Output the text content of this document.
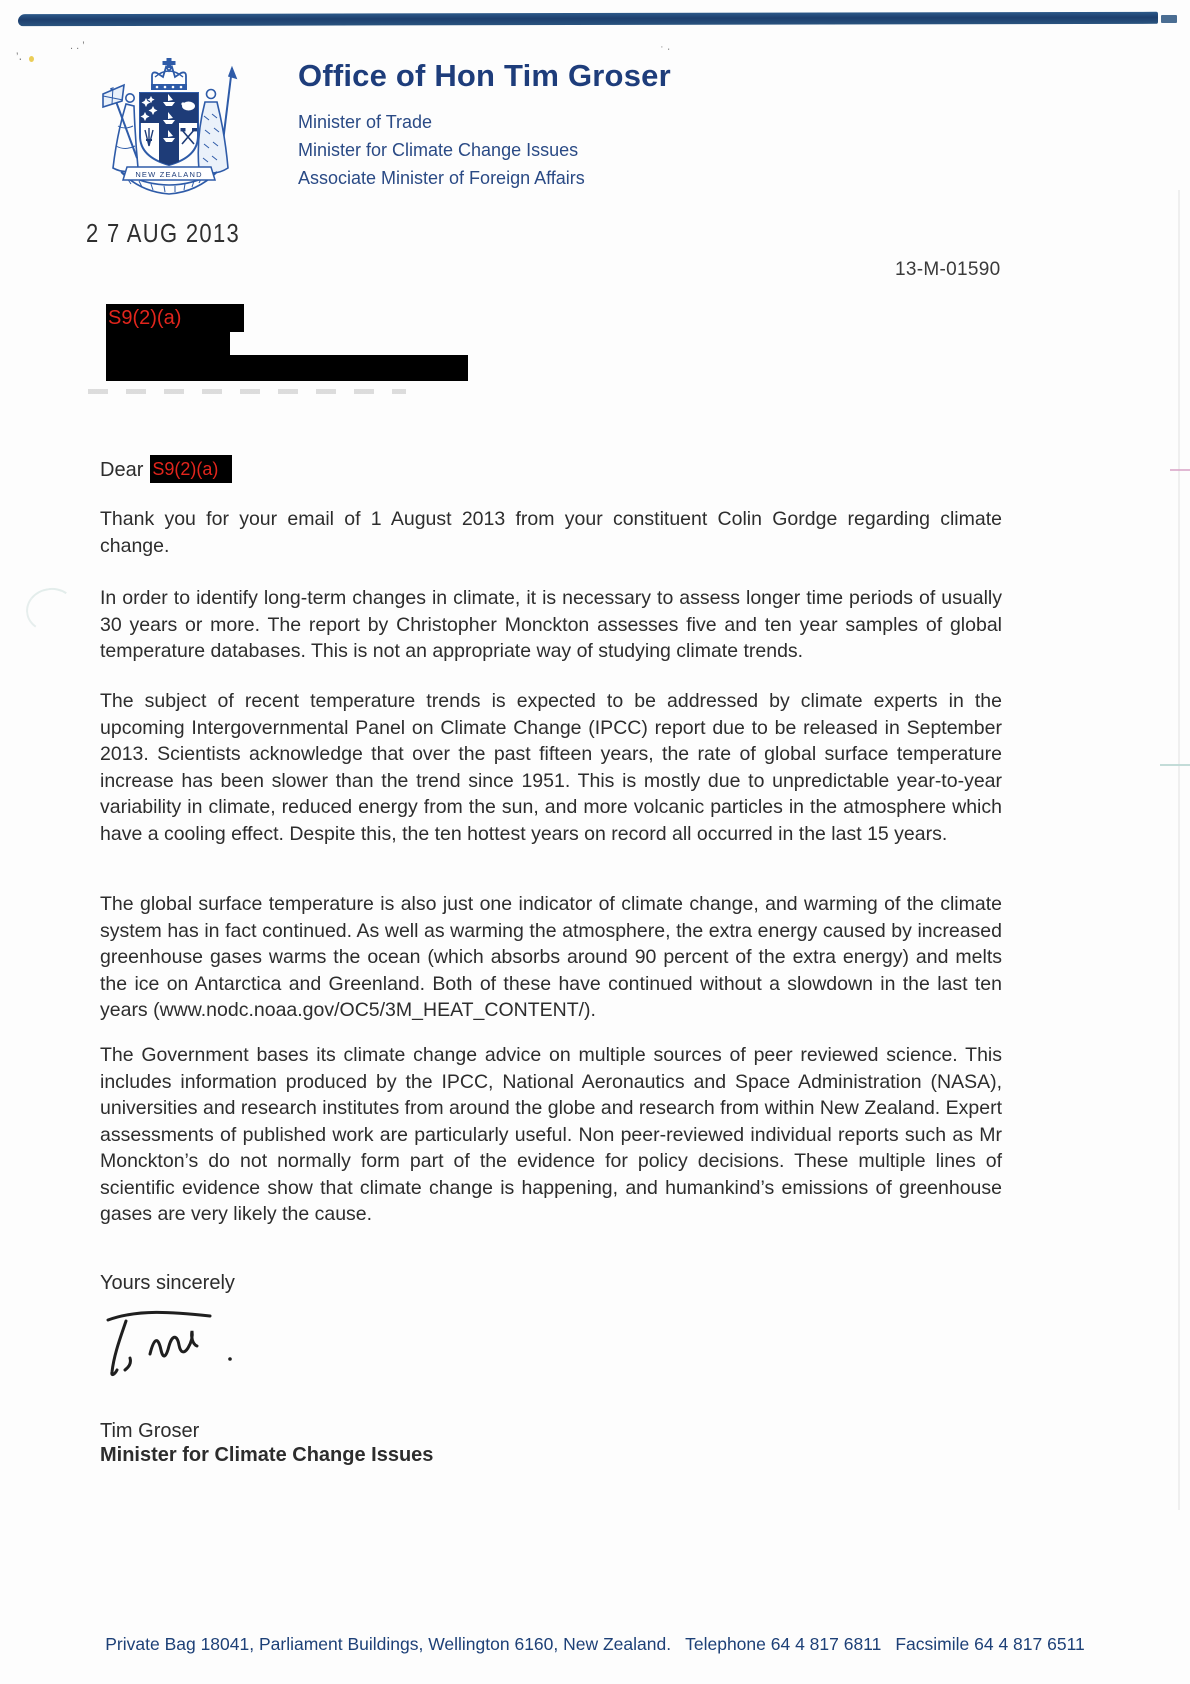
’․
. . ’	· ․
NEW ZEALAND
Office of Hon Tim Groser
Minister of Trade
Minister for Climate Change Issues
Associate Minister of Foreign Affairs
2 7 AUG 2013
13-M-01590
S9(2)(a)
Dear S9(2)(a)

Thank you for your email of 1 August 2013 from your constituent Colin Gordge regarding climate change.

In order to identify long-term changes in climate, it is necessary to assess longer time periods of usually 30 years or more. The report by Christopher Monckton assesses five and ten year samples of global temperature databases. This is not an appropriate way of studying climate trends.

The subject of recent temperature trends is expected to be addressed by climate experts in the upcoming Intergovernmental Panel on Climate Change (IPCC) report due to be released in September 2013. Scientists acknowledge that over the past fifteen years, the rate of global surface temperature increase has been slower than the trend since 1951. This is mostly due to unpredictable year-to-year variability in climate, reduced energy from the sun, and more volcanic particles in the atmosphere which have a cooling effect. Despite this, the ten hottest years on record all occurred in the last 15 years.

The global surface temperature is also just one indicator of climate change, and warming of the climate system has in fact continued. As well as warming the atmosphere, the extra energy caused by increased greenhouse gases warms the ocean (which absorbs around 90 percent of the extra energy) and melts the ice on Antarctica and Greenland. Both of these have continued without a slowdown in the last ten years (www.nodc.noaa.gov/OC5/3M_HEAT_CONTENT/).

The Government bases its climate change advice on multiple sources of peer reviewed science. This includes information produced by the IPCC, National Aeronautics and Space Administration (NASA), universities and research institutes from around the globe and research from within New Zealand. Expert assessments of published work are particularly useful. Non peer-reviewed individual reports such as Mr Monckton’s do not normally form part of the evidence for policy decisions. These multiple lines of scientific evidence show that climate change is happening, and humankind’s emissions of greenhouse gases are very likely the cause.

Yours sincerely
Tim Groser
Minister for Climate Change Issues
Private Bag 18041, Parliament Buildings, Wellington 6160, New Zealand. Telephone 64 4 817 6811 Facsimile 64 4 817 6511
